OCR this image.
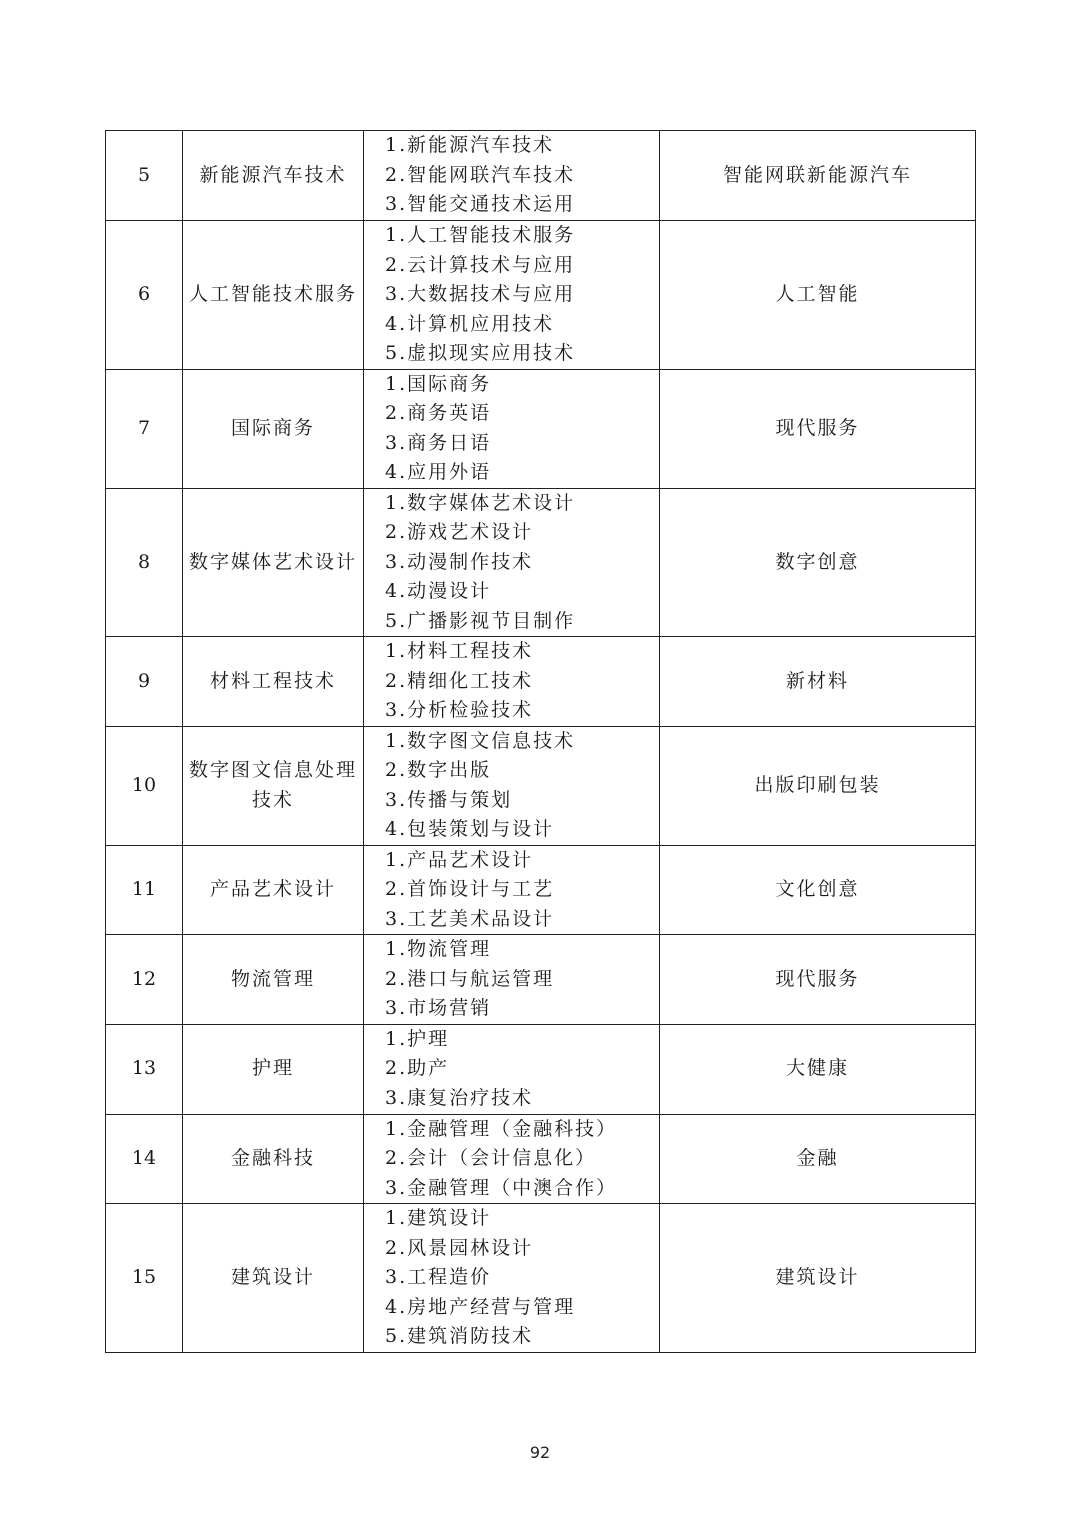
5	新能源汽车技术	1.新能源汽车技术
2.智能网联汽车技术
3.智能交通技术运用	智能网联新能源汽车
6	人工智能技术服务	1.人工智能技术服务
2.云计算技术与应用
3.大数据技术与应用
4.计算机应用技术
5.虚拟现实应用技术	人工智能
7	国际商务	1.国际商务
2.商务英语
3.商务日语
4.应用外语	现代服务
8	数字媒体艺术设计	1.数字媒体艺术设计
2.游戏艺术设计
3.动漫制作技术
4.动漫设计
5.广播影视节目制作	数字创意
9	材料工程技术	1.材料工程技术
2.精细化工技术
3.分析检验技术	新材料
10	数字图文信息处理技术	1.数字图文信息技术
2.数字出版
3.传播与策划
4.包装策划与设计	出版印刷包装
11	产品艺术设计	1.产品艺术设计
2.首饰设计与工艺
3.工艺美术品设计	文化创意
12	物流管理	1.物流管理
2.港口与航运管理
3.市场营销	现代服务
13	护理	1.护理
2.助产
3.康复治疗技术	大健康
14	金融科技	1.金融管理（金融科技）
2.会计（会计信息化）
3.金融管理（中澳合作）	金融
15	建筑设计	1.建筑设计
2.风景园林设计
3.工程造价
4.房地产经营与管理
5.建筑消防技术	建筑设计
92
